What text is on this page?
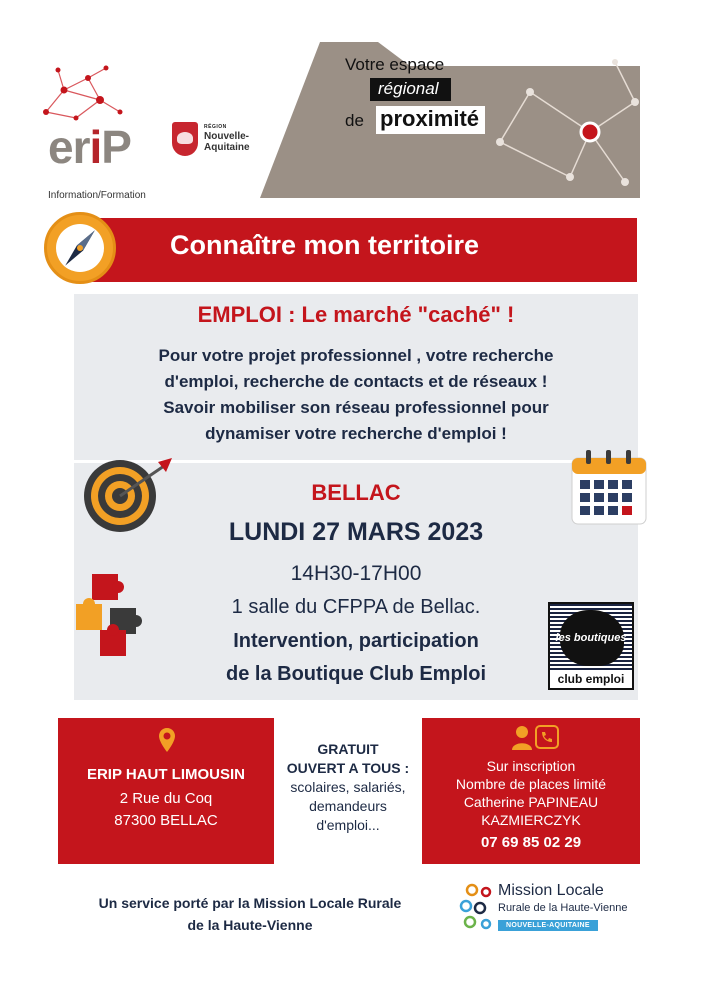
eriP	RÉGION
Nouvelle-
Aquitaine
Information/Formation
Votre espace
régional
de proximité
Connaître mon territoire
EMPLOI : Le marché "caché" !
Pour votre projet professionnel , votre recherche
d'emploi, recherche de contacts et de réseaux !
Savoir mobiliser son réseau professionnel pour
dynamiser votre recherche d'emploi !
BELLAC
LUNDI 27 MARS 2023
14H30-17H00
1 salle du CFPPA de Bellac.
Intervention, participation
de la Boutique Club Emploi
les boutiques
club emploi
ERIP HAUT LIMOUSIN
2 Rue du Coq
87300 BELLAC
GRATUIT
OUVERT A TOUS :
scolaires, salariés,
demandeurs
d'emploi...
Sur inscription
Nombre de places limité
Catherine PAPINEAU
KAZMIERCZYK
07 69 85 02 29
Un service porté par la Mission Locale Rurale
de la Haute-Vienne
Mission Locale
Rurale de la Haute-Vienne
NOUVELLE-AQUITAINE
